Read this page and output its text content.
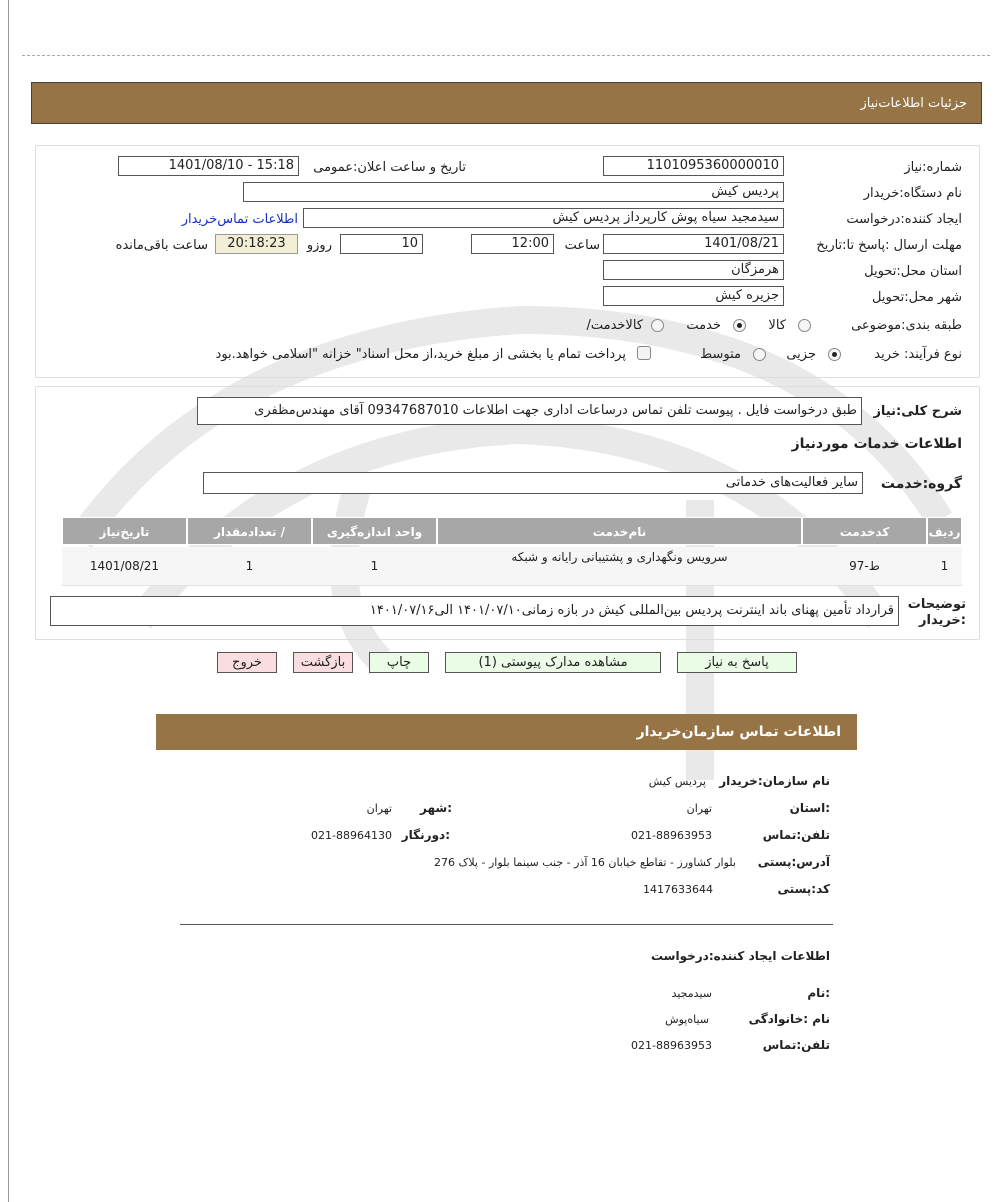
جزئیات اطلاعات‌نیاز
شماره:نیاز
1101095360000010
تاریخ و ساعت اعلان:عمومی
1401/08/10 - 15:18
نام دستگاه:خریدار
پردیس کیش
ایجاد کننده:درخواست
سیدمجید سیاه پوش کارپرداز پردیس کیش
اطلاعات تماس‌خریدار
مهلت ارسال :پاسخ تا:تاریخ
1401/08/21
ساعت
12:00
10
روزو
20:18:23
ساعت باقی‌مانده
استان محل:تحویل
هرمزگان
شهر محل:تحویل
جزیره کیش
طبقه بندی:موضوعی
کالا
خدمت
/کالاخدمت
نوع فرآیند: خرید
جزیی
متوسط
پرداخت تمام یا بخشی از مبلغ خرید،از محل اسناد" خزانه "اسلامی خواهد.بود
شرح کلی:نیاز
طبق درخواست فایل . پیوست تلفن تماس درساعات اداری جهت اطلاعات 09347687010 آقای مهندس‌مظفری
اطلاعات خدمات موردنیاز
گروه:خدمت
سایر فعالیت‌های خدماتی
ردیف
کدخدمت
نام‌خدمت
واحد اندازه‌گیری
/ تعدادمقدار
تاریخ‌نیاز
1
ط-97
سرویس ونگهداری و پشتیبانی رایانه و شبکه
1
1
1401/08/21
توضیحات :خریدار
قرارداد تأمین پهنای باند اینترنت پردیس بین‌المللی کیش در بازه زمانی۱۴۰۱/۰۷/۱۰ الی۱۴۰۱/۰۷/۱۶
پاسخ به نیاز
مشاهده مدارک پیوستی (1)
چاپ
بازگشت
خروج
اطلاعات تماس سازمان‌خریدار
نام سازمان:خریدار
پردیس کیش
:استان
تهران
:شهر
تهران
تلفن:تماس
021-88963953
:دورنگار
021-88964130
آدرس:پستی
بلوار کشاورز - تقاطع خیابان 16 آذر - جنب سینما بلوار - پلاک 276
کد:پستی
1417633644
اطلاعات ایجاد کننده:درخواست
:نام
سیدمجید
نام :خانوادگی
سیاه‌پوش
تلفن:تماس
021-88963953
